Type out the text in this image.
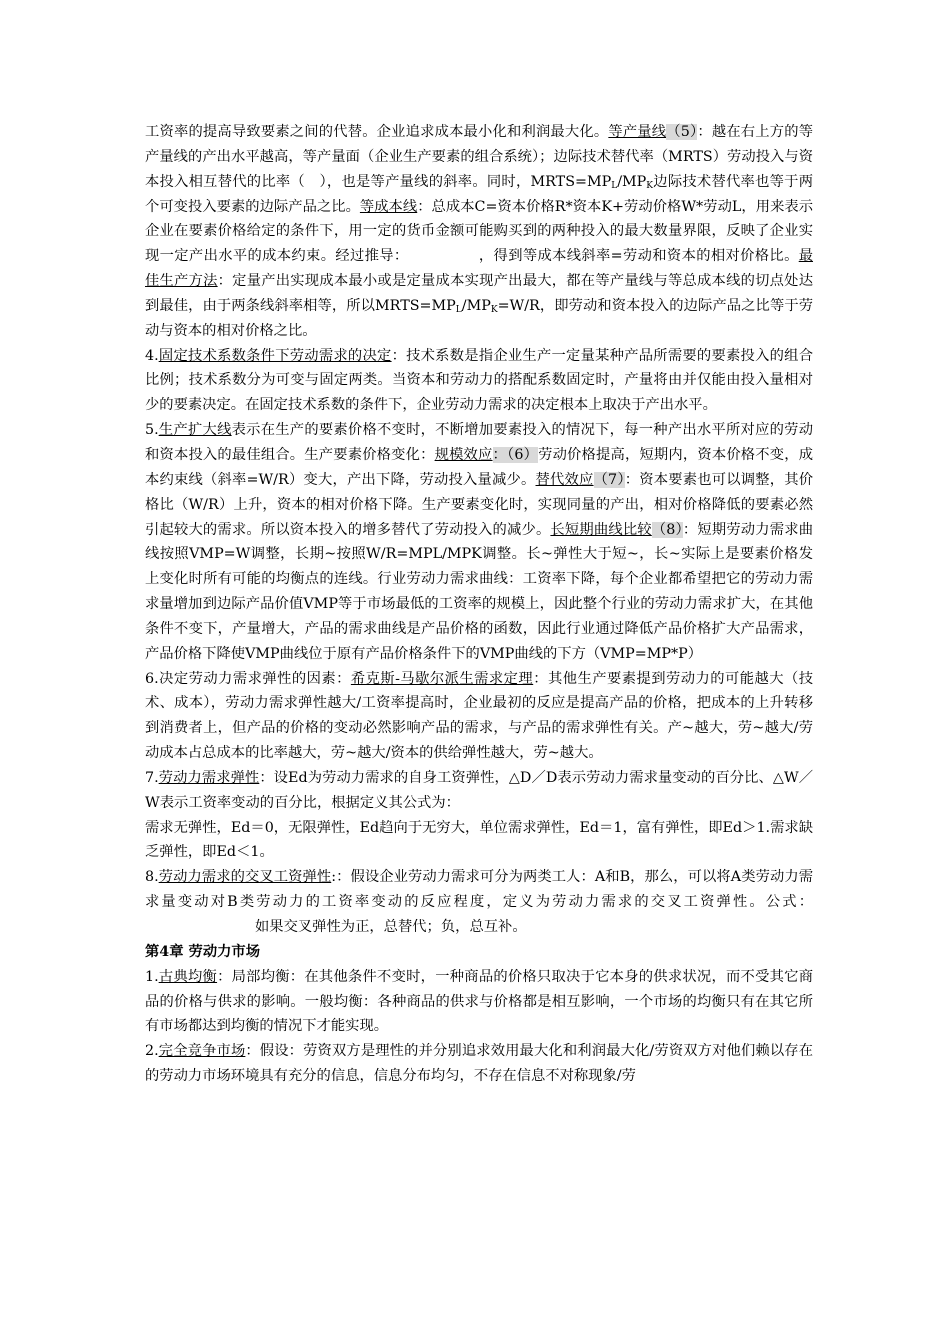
工资率的提高导致要素之间的代替。企业追求成本最小化和利润最大化。等产量线（5）：越在右上方的等产量线的产出水平越高，等产量面（企业生产要素的组合系统）；边际技术替代率（MRTS）劳动投入与资本投入相互替代的比率（　），也是等产量线的斜率。同时，$MRTS=MP_L/MP_K$边际技术替代率也等于两个可变投入要素的边际产品之比。等成本线：总成本C=资本价格R*资本K+劳动价格W*劳动L，用来表示企业在要素价格给定的条件下，用一定的货币金额可能购买到的两种投入的最大数量界限，反映了企业实现一定产出水平的成本约束。经过推导：	，得到等成本线斜率=劳动和资本的相对价格比。最佳生产方法：定量产出实现成本最小或是定量成本实现产出最大，都在等产量线与等总成本线的切点处达到最佳，由于两条线斜率相等，所以$MRTS=MP_L/MP_K=W/R$，即劳动和资本投入的边际产品之比等于劳动与资本的相对价格之比。

4.固定技术系数条件下劳动需求的决定：技术系数是指企业生产一定量某种产品所需要的要素投入的组合比例；技术系数分为可变与固定两类。当资本和劳动力的搭配系数固定时，产量将由并仅能由投入量相对少的要素决定。在固定技术系数的条件下，企业劳动力需求的决定根本上取决于产出水平。

5.生产扩大线表示在生产的要素价格不变时，不断增加要素投入的情况下，每一种产出水平所对应的劳动和资本投入的最佳组合。生产要素价格变化：规模效应：（6）劳动价格提高，短期内，资本价格不变，成本约束线（斜率=W/R）变大，产出下降，劳动投入量减少。替代效应（7）：资本要素也可以调整，其价格比（W/R）上升，资本的相对价格下降。生产要素变化时，实现同量的产出，相对价格降低的要素必然引起较大的需求。所以资本投入的增多替代了劳动投入的减少。长短期曲线比较（8）：短期劳动力需求曲线按照VMP=W调整，长期~按照W/R=MPL/MPK调整。长~弹性大于短~，长~实际上是要素价格发上变化时所有可能的均衡点的连线。行业劳动力需求曲线：工资率下降，每个企业都希望把它的劳动力需求量增加到边际产品价值VMP等于市场最低的工资率的规模上，因此整个行业的劳动力需求扩大，在其他条件不变下，产量增大，产品的需求曲线是产品价格的函数，因此行业通过降低产品价格扩大产品需求，产品价格下降使VMP曲线位于原有产品价格条件下的VMP曲线的下方（VMP=MP*P）

6.决定劳动力需求弹性的因素：希克斯-马歇尔派生需求定理：其他生产要素提到劳动力的可能越大（技术、成本），劳动力需求弹性越大/工资率提高时，企业最初的反应是提高产品的价格，把成本的上升转移到消费者上，但产品的价格的变动必然影响产品的需求，与产品的需求弹性有关。产~越大，劳~越大/劳动成本占总成本的比率越大，劳~越大/资本的供给弹性越大，劳~越大。

7.劳动力需求弹性：设Ed为劳动力需求的自身工资弹性，△D／D表示劳动力需求量变动的百分比、△W／W表示工资率变动的百分比，根据定义其公式为：

需求无弹性，Ed＝0，无限弹性，Ed趋向于无穷大，单位需求弹性，Ed＝1，富有弹性，即Ed＞1.需求缺乏弹性，即Ed＜1。

8.劳动力需求的交叉工资弹性:：假设企业劳动力需求可分为两类工人：A和B，那么，可以将A类劳动力需求量变动对B类劳动力的工资率变动的反应程度，定义为劳动力需求的交叉工资弹性。公式：如果交叉弹性为正，总替代；负，总互补。

第4章 劳动力市场

1.古典均衡：局部均衡：在其他条件不变时，一种商品的价格只取决于它本身的供求状况，而不受其它商品的价格与供求的影响。一般均衡：各种商品的供求与价格都是相互影响，一个市场的均衡只有在其它所有市场都达到均衡的情况下才能实现。

2.完全竞争市场：假设：劳资双方是理性的并分别追求效用最大化和利润最大化/劳资双方对他们赖以存在的劳动力市场环境具有充分的信息，信息分布均匀，不存在信息不对称现象/劳
